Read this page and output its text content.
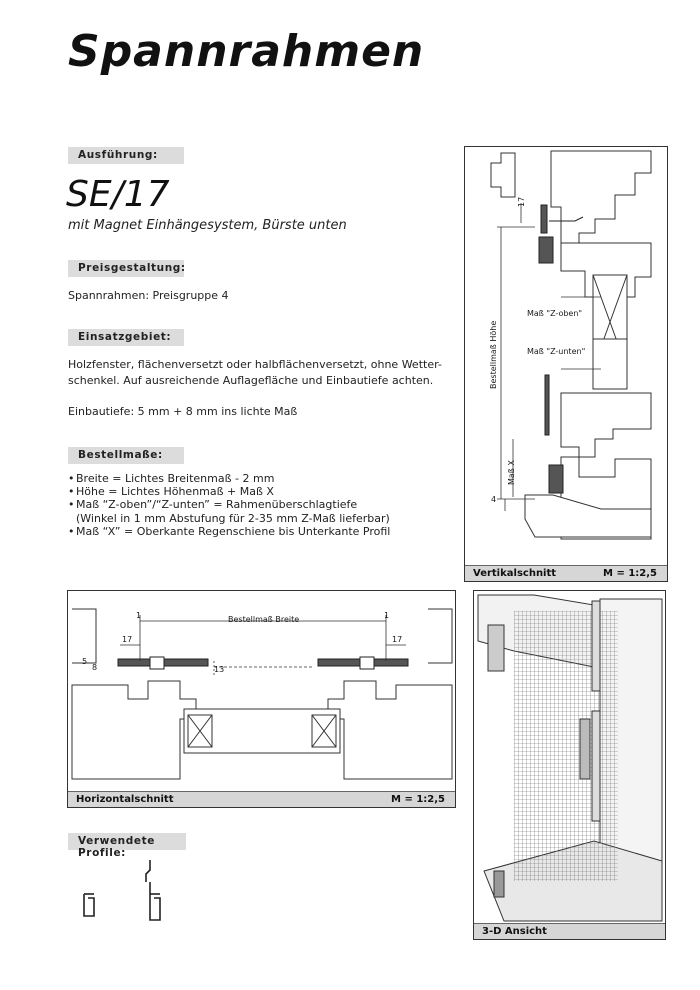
Spannrahmen
Ausführung:
SE/17
mit Magnet Einhängesystem, Bürste unten
Preisgestaltung:
Spannrahmen: Preisgruppe 4
Einsatzgebiet:
Holzfenster, flächenversetzt oder halbflächenversetzt, ohne Wetter-
schenkel. Auf ausreichende Auflagefläche und Einbautiefe achten.
Einbautiefe: 5 mm + 8 mm ins lichte Maß
Bestellmaße:
• Breite = Lichtes Breitenmaß - 2 mm
• Höhe = Lichtes Höhenmaß + Maß X
• Maß “Z-oben”/“Z-unten” = Rahmenüberschlagtiefe
(Winkel in 1 mm Abstufung für 2-35 mm Z-Maß lieferbar)
• Maß “X” = Oberkante Regenschiene bis Unterkante Profil
Verwendete Profile:
17
Maß "Z-oben"
Maß "Z-unten"
Bestellmaß Höhe
Maß X
4
Vertikalschnitt	M = 1:2,5
Bestellmaß Breite
1	1
17	17
5
8	13
Horizontalschnitt	M = 1:2,5
3-D Ansicht
